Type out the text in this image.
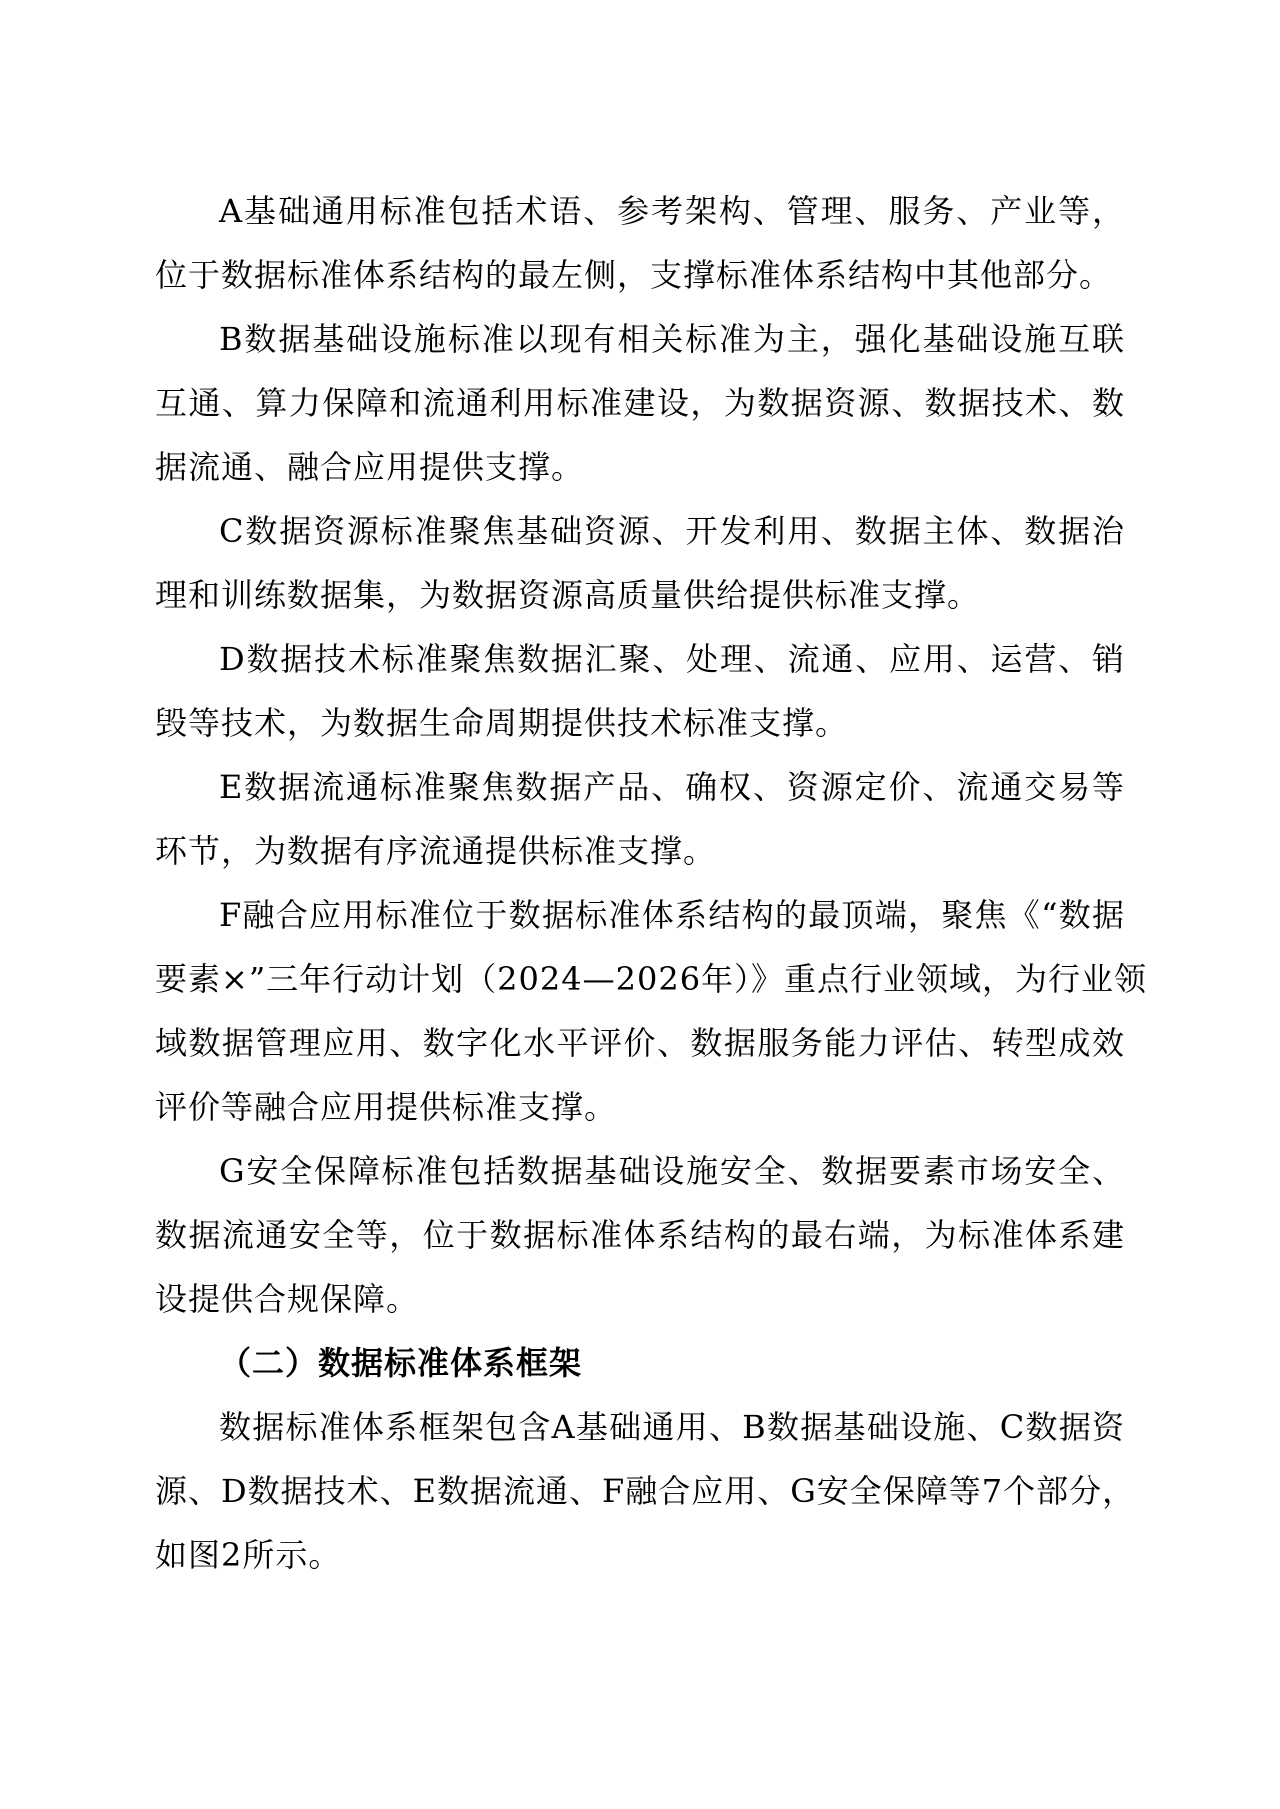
A基础通用标准包括术语、参考架构、管理、服务、产业等，
位于数据标准体系结构的最左侧，支撑标准体系结构中其他部分。

B数据基础设施标准以现有相关标准为主，强化基础设施互联
互通、算力保障和流通利用标准建设，为数据资源、数据技术、数
据流通、融合应用提供支撑。

C数据资源标准聚焦基础资源、开发利用、数据主体、数据治
理和训练数据集，为数据资源高质量供给提供标准支撑。

D数据技术标准聚焦数据汇聚、处理、流通、应用、运营、销
毁等技术，为数据生命周期提供技术标准支撑。

E数据流通标准聚焦数据产品、确权、资源定价、流通交易等
环节，为数据有序流通提供标准支撑。

F融合应用标准位于数据标准体系结构的最顶端，聚焦《“数据
要素×”三年行动计划（2024—2026年）》重点行业领域，为行业领
域数据管理应用、数字化水平评价、数据服务能力评估、转型成效
评价等融合应用提供标准支撑。

G安全保障标准包括数据基础设施安全、数据要素市场安全、
数据流通安全等，位于数据标准体系结构的最右端，为标准体系建
设提供合规保障。

（二）数据标准体系框架

数据标准体系框架包含A基础通用、B数据基础设施、C数据资
源、D数据技术、E数据流通、F融合应用、G安全保障等7个部分，
如图2所示。
